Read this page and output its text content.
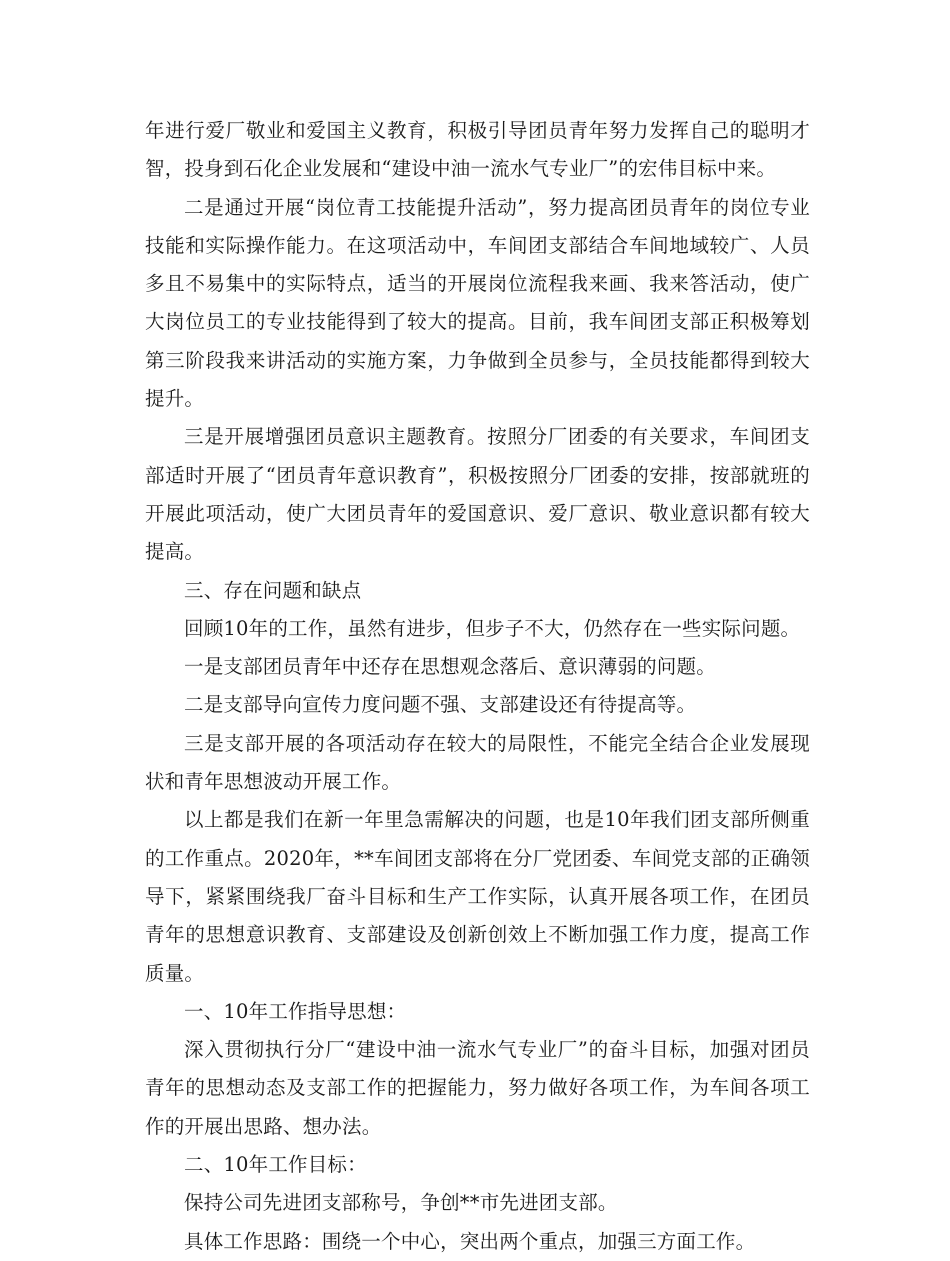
年进行爱厂敬业和爱国主义教育，积极引导团员青年努力发挥自己的聪明才智，投身到石化企业发展和“建设中油一流水气专业厂”的宏伟目标中来。

二是通过开展“岗位青工技能提升活动”，努力提高团员青年的岗位专业技能和实际操作能力。在这项活动中，车间团支部结合车间地域较广、人员多且不易集中的实际特点，适当的开展岗位流程我来画、我来答活动，使广大岗位员工的专业技能得到了较大的提高。目前，我车间团支部正积极筹划第三阶段我来讲活动的实施方案，力争做到全员参与，全员技能都得到较大提升。

三是开展增强团员意识主题教育。按照分厂团委的有关要求，车间团支部适时开展了“团员青年意识教育”，积极按照分厂团委的安排，按部就班的开展此项活动，使广大团员青年的爱国意识、爱厂意识、敬业意识都有较大提高。

三、存在问题和缺点

回顾10年的工作，虽然有进步，但步子不大，仍然存在一些实际问题。

一是支部团员青年中还存在思想观念落后、意识薄弱的问题。

二是支部导向宣传力度问题不强、支部建设还有待提高等。

三是支部开展的各项活动存在较大的局限性，不能完全结合企业发展现状和青年思想波动开展工作。

以上都是我们在新一年里急需解决的问题，也是10年我们团支部所侧重的工作重点。2020年，**车间团支部将在分厂党团委、车间党支部的正确领导下，紧紧围绕我厂奋斗目标和生产工作实际，认真开展各项工作，在团员青年的思想意识教育、支部建设及创新创效上不断加强工作力度，提高工作质量。

一、10年工作指导思想：

深入贯彻执行分厂“建设中油一流水气专业厂”的奋斗目标，加强对团员青年的思想动态及支部工作的把握能力，努力做好各项工作，为车间各项工作的开展出思路、想办法。

二、10年工作目标：

保持公司先进团支部称号，争创**市先进团支部。

具体工作思路：围绕一个中心，突出两个重点，加强三方面工作。
